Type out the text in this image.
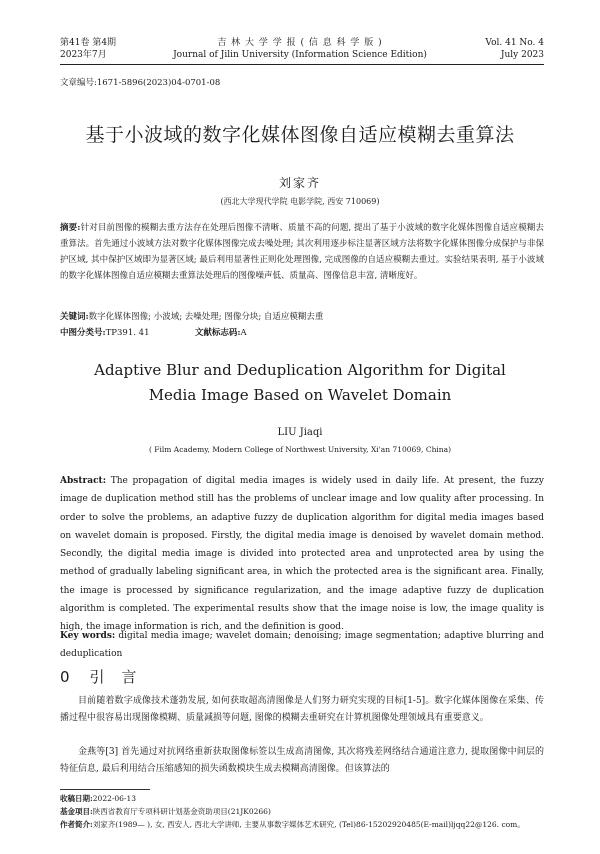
第41卷 第4期
2023年7月
吉 林 大 学 学 报 ( 信 息 科 学 版 )
Journal of Jilin University (Information Science Edition)
Vol. 41 No. 4
July 2023
文章编号:1671-5896(2023)04-0701-08
基于小波域的数字化媒体图像自适应模糊去重算法
刘家齐
(西北大学现代学院 电影学院, 西安 710069)
摘要:针对目前图像的模糊去重方法存在处理后图像不清晰、质量不高的问题, 提出了基于小波域的数字化媒体图像自适应模糊去重算法。首先通过小波域方法对数字化媒体图像完成去噪处理; 其次利用逐步标注显著区域方法将数字化媒体图像分成保护与非保护区域, 其中保护区域即为显著区域; 最后利用显著性正则化处理图像, 完成图像的自适应模糊去重过。实验结果表明, 基于小波域的数字化媒体图像自适应模糊去重算法处理后的图像噪声低、质量高、图像信息丰富, 清晰度好。
关键词:数字化媒体图像; 小波域; 去噪处理; 图像分块; 自适应模糊去重
中图分类号:TP391. 41	文献标志码:A
Adaptive Blur and Deduplication Algorithm for Digital
Media Image Based on Wavelet Domain
LIU Jiaqi
( Film Academy, Modern College of Northwest University, Xi'an 710069, China)
Abstract: The propagation of digital media images is widely used in daily life. At present, the fuzzy image de duplication method still has the problems of unclear image and low quality after processing. In order to solve the problems, an adaptive fuzzy de duplication algorithm for digital media images based on wavelet domain is proposed. Firstly, the digital media image is denoised by wavelet domain method. Secondly, the digital media image is divided into protected area and unprotected area by using the method of gradually labeling significant area, in which the protected area is the significant area. Finally, the image is processed by significance regularization, and the image adaptive fuzzy de duplication algorithm is completed. The experimental results show that the image noise is low, the image quality is high, the image information is rich, and the definition is good.
Key words: digital media image; wavelet domain; denoising; image segmentation; adaptive blurring and deduplication
0 引 言
目前随着数字成像技术蓬勃发展, 如何获取超高清图像是人们努力研究实现的目标[1-5]。数字化媒体图像在采集、传播过程中很容易出现图像模糊、质量减损等问题, 图像的模糊去重研究在计算机图像处理领域具有重要意义。
金燕等[3] 首先通过对抗网络重新获取图像标签以生成高清图像, 其次将残差网络结合通道注意力, 提取图像中间层的特征信息, 最后利用结合压缩感知的损失函数模块生成去模糊高清图像。但该算法的
收稿日期:2022-06-13
基金项目:陕西省教育厅专项科研计划基金资助项目(21JK0266)
作者简介:刘家齐(1989— ), 女, 西安人, 西北大学讲师, 主要从事数字媒体艺术研究, (Tel)86-15202920485(E-mail)ljqq22@126. com。
